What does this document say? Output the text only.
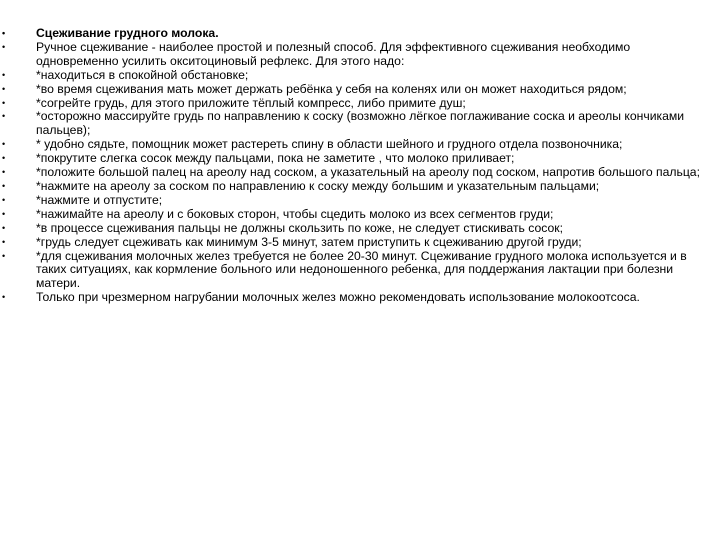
•	Сцеживание грудного молока.
•	Ручное сцеживание - наиболее простой и полезный способ. Для эффективного сцеживания необходимо одновременно усилить окситоциновый рефлекс. Для этого надо:
•	*находиться в спокойной обстановке;
•	*во время сцеживания мать может держать ребёнка у себя на коленях или он может находиться рядом;
•	*согрейте грудь, для этого приложите тёплый компресс, либо примите душ;
•	*осторожно массируйте грудь по направлению к соску (возможно лёгкое поглаживание соска и ареолы кончиками пальцев);
•	* удобно сядьте, помощник может растереть спину в области шейного и грудного отдела позвоночника;
•	*покрутите слегка сосок между пальцами, пока не заметите , что молоко приливает;
•	*положите большой палец на ареолу над соском, а указательный на ареолу под соском, напротив большого пальца;
•	*нажмите на ареолу за соском по направлению к соску между большим и указательным пальцами;
•	*нажмите и отпустите;
•	*нажимайте на ареолу и с боковых сторон, чтобы сцедить молоко из всех сегментов груди;
•	*в процессе сцеживания пальцы не должны скользить по коже, не следует стискивать сосок;
•	*грудь следует сцеживать как минимум 3-5 минут, затем приступить к сцеживанию другой груди;
•	*для сцеживания молочных желез требуется не более 20-30 минут. Сцеживание грудного молока используется и в таких ситуациях, как кормление больного или недоношенного ребенка, для поддержания лактации при болезни матери.
•	Только при чрезмерном нагрубании молочных желез можно рекомендовать использование молокоотсоса.
